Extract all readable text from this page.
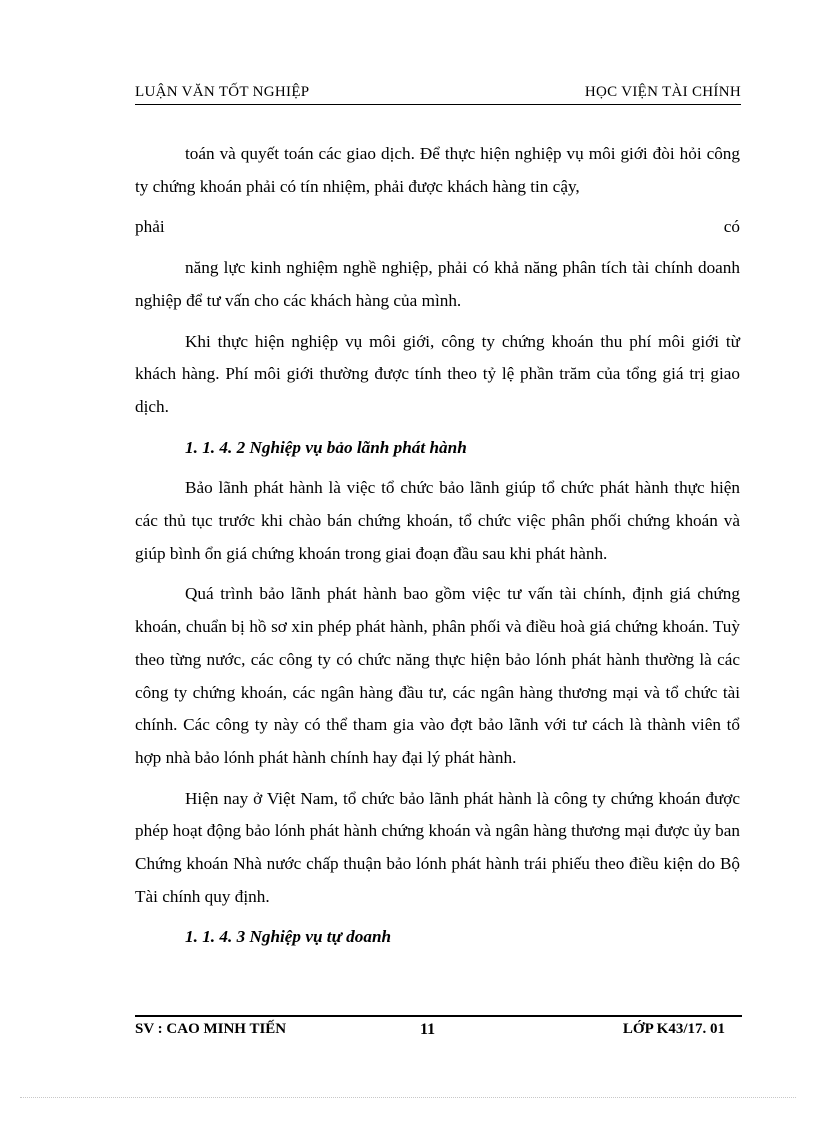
LUẬN VĂN TỐT NGHIỆP	HỌC VIỆN TÀI CHÍNH

toán và quyết toán các giao dịch. Để thực hiện nghiệp vụ môi giới đòi hỏi công ty chứng khoán phải có tín nhiệm, phải được khách hàng tin cậy,

phải	có

năng lực kinh nghiệm nghề nghiệp, phải có khả năng phân tích tài chính doanh nghiệp để tư vấn cho các khách hàng của mình.

Khi thực hiện nghiệp vụ môi giới, công ty chứng khoán thu phí môi giới từ khách hàng. Phí môi giới thường được tính theo tỷ lệ phần trăm của tổng giá trị giao dịch.

1. 1. 4. 2 Nghiệp vụ bảo lãnh phát hành

Bảo lãnh phát hành là việc tổ chức bảo lãnh giúp tổ chức phát hành thực hiện các thủ tục trước khi chào bán chứng khoán, tổ chức việc phân phối chứng khoán và giúp bình ổn giá chứng khoán trong giai đoạn đầu sau khi phát hành.

Quá trình bảo lãnh phát hành bao gồm việc tư vấn tài chính, định giá chứng khoán, chuẩn bị hồ sơ xin phép phát hành, phân phối và điều hoà giá chứng khoán. Tuỳ theo từng nước, các công ty có chức năng thực hiện bảo lónh phát hành thường là các công ty chứng khoán, các ngân hàng đầu tư, các ngân hàng thương mại và tổ chức tài chính. Các công ty này có thể tham gia vào đợt bảo lãnh với tư cách là thành viên tổ hợp nhà bảo lónh phát hành chính hay đại lý phát hành.

Hiện nay ở Việt Nam, tổ chức bảo lãnh phát hành là công ty chứng khoán được phép hoạt động bảo lónh phát hành chứng khoán và ngân hàng thương mại được ủy ban Chứng khoán Nhà nước chấp thuận bảo lónh phát hành trái phiếu theo điều kiện do Bộ Tài chính quy định.

1. 1. 4. 3 Nghiệp vụ tự doanh
SV : CAO MINH TIẾN	11	LỚP K43/17. 01
